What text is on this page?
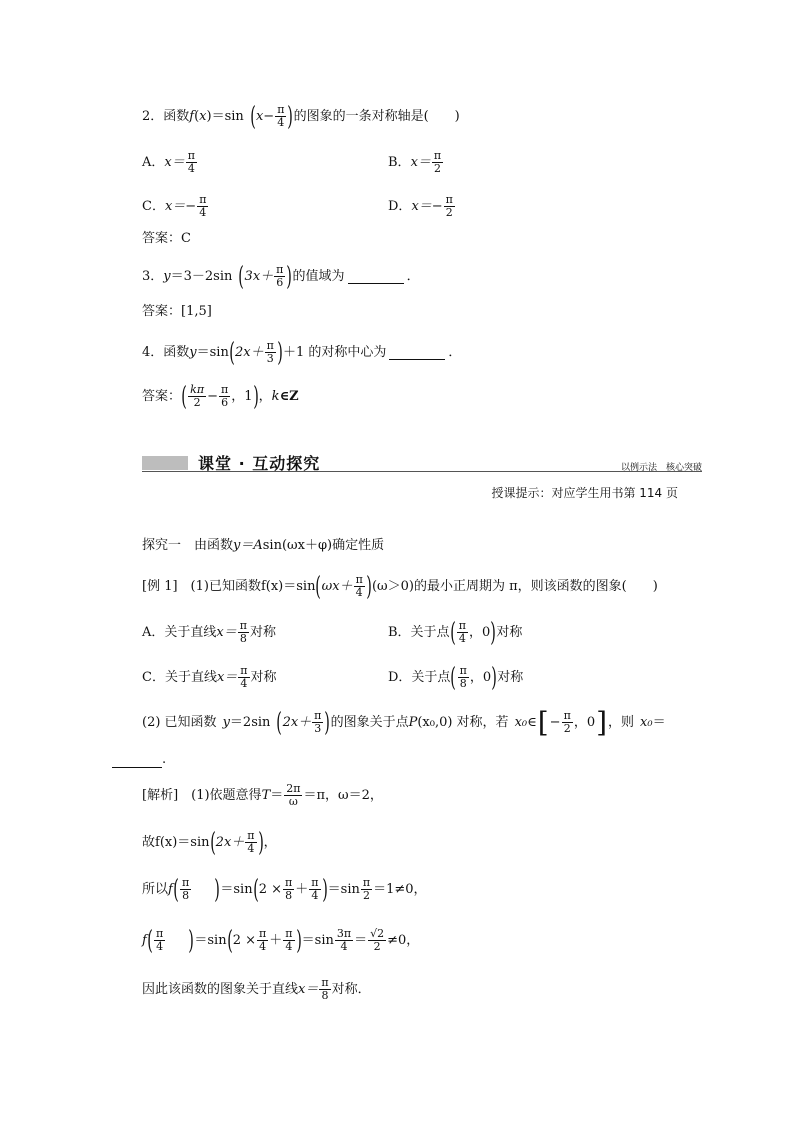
2．函数 f ( x )＝sin ( $x- \frac{\pi}{4}$ ) 的图象的一条对称轴是(　　)
A． $x= \frac{\pi}{4}$	B． $x= \frac{\pi}{2}$
C． $x=- \frac{\pi}{4}$	D． $x=- \frac{\pi}{2}$
答案：C
3． y ＝3－2sin ( $3x+ \frac{\pi}{6}$ ) 的值域为	．
答案：[1,5]
4．函数 y ＝sin ( $2x+ \frac{\pi}{3}$ ) ＋1 的对称中心为	．
答案： ( $\frac{k\pi}{2} - \frac{\pi}{6}$ ，1 ) ， k ∈Z
课堂 · 互动探究	以例示法　核心突破
授课提示：对应学生用书第 114 页
探究一　由函数 y＝A sin(ωx＋φ)确定性质
[例 1]　(1)已知函数 f(x)＝sin ( $\omega x+ \frac{\pi}{4}$ ) (ω＞0)的最小正周期为 π，则该函数的图象(　　)
A．关于直线 $x= \frac{\pi}{8}$ 对称	B．关于点 ( $\frac{\pi}{4}$ ，0 ) 对称
C．关于直线 $x= \frac{\pi}{4}$ 对称	D．关于点 ( $\frac{\pi}{8}$ ，0 ) 对称
(2) 已知函数 y ＝2sin ( $2x+ \frac{\pi}{3}$ ) 的图象关于点 P (x₀,0) 对称，若 x₀ ∈ [ − $\frac{\pi}{2}$ ，0 ] ，则 x₀ ＝
.
[解析]　(1)依题意得 $T = \frac{2\pi}{\omega} =\pi$，ω＝2，
故 f(x)＝sin ( $2x+ \frac{\pi}{4}$ ) ，
所以 f ( $\frac{\pi}{8}$ ) ＝sin ( $2 \times \frac{\pi}{8} + \frac{\pi}{4}$ ) $=\sin \frac{\pi}{2} =1\ne 0$，
f ( $\frac{\pi}{4}$ ) ＝sin ( $2 \times \frac{\pi}{4} + \frac{\pi}{4}$ ) $=\sin \frac{3\pi}{4} = \frac{√2}{2} \ne 0$，
因此该函数的图象关于直线 $x= \frac{\pi}{8}$ 对称．
